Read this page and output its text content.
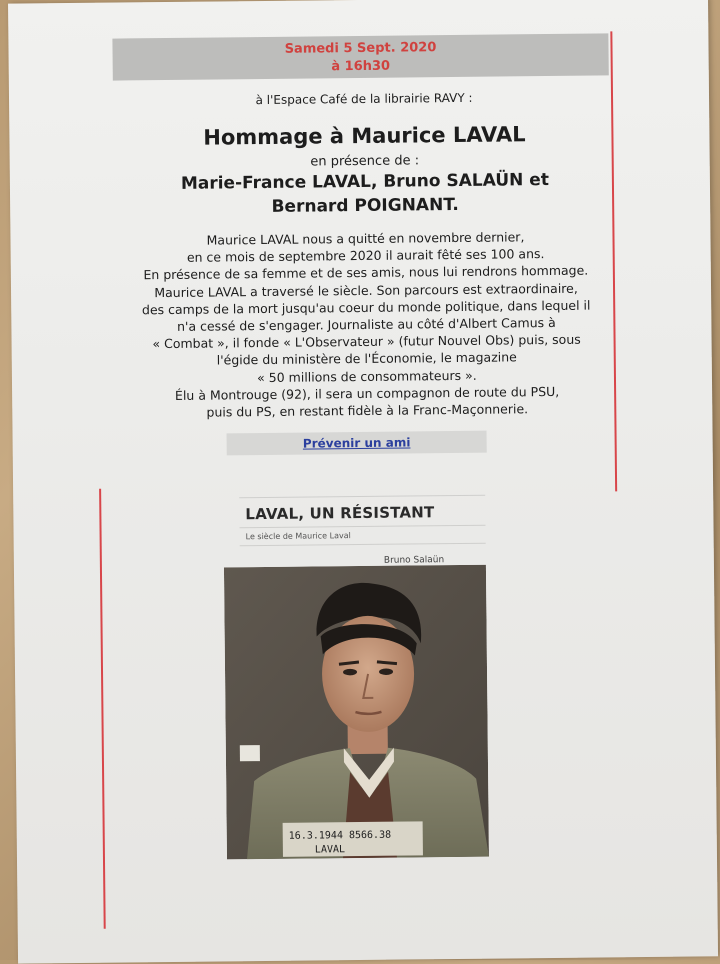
Samedi 5 Sept. 2020
à 16h30
à l'Espace Café de la librairie RAVY :
Hommage à Maurice LAVAL
en présence de :
Marie-France LAVAL, Bruno SALAÜN et
Bernard POIGNANT.
Maurice LAVAL nous a quitté en novembre dernier,
en ce mois de septembre 2020 il aurait fêté ses 100 ans.
En présence de sa femme et de ses amis, nous lui rendrons hommage.
Maurice LAVAL a traversé le siècle. Son parcours est extraordinaire,
des camps de la mort jusqu'au coeur du monde politique, dans lequel il
n'a cessé de s'engager. Journaliste au côté d'Albert Camus à
« Combat », il fonde « L'Observateur » (futur Nouvel Obs) puis, sous
l'égide du ministère de l'Économie, le magazine
« 50 millions de consommateurs ».
Élu à Montrouge (92), il sera un compagnon de route du PSU,
puis du PS, en restant fidèle à la Franc-Maçonnerie.
Prévenir un ami
LAVAL, UN RÉSISTANT
Le siècle de Maurice Laval
Bruno Salaün
16.3.1944 8566.38
LAVAL
